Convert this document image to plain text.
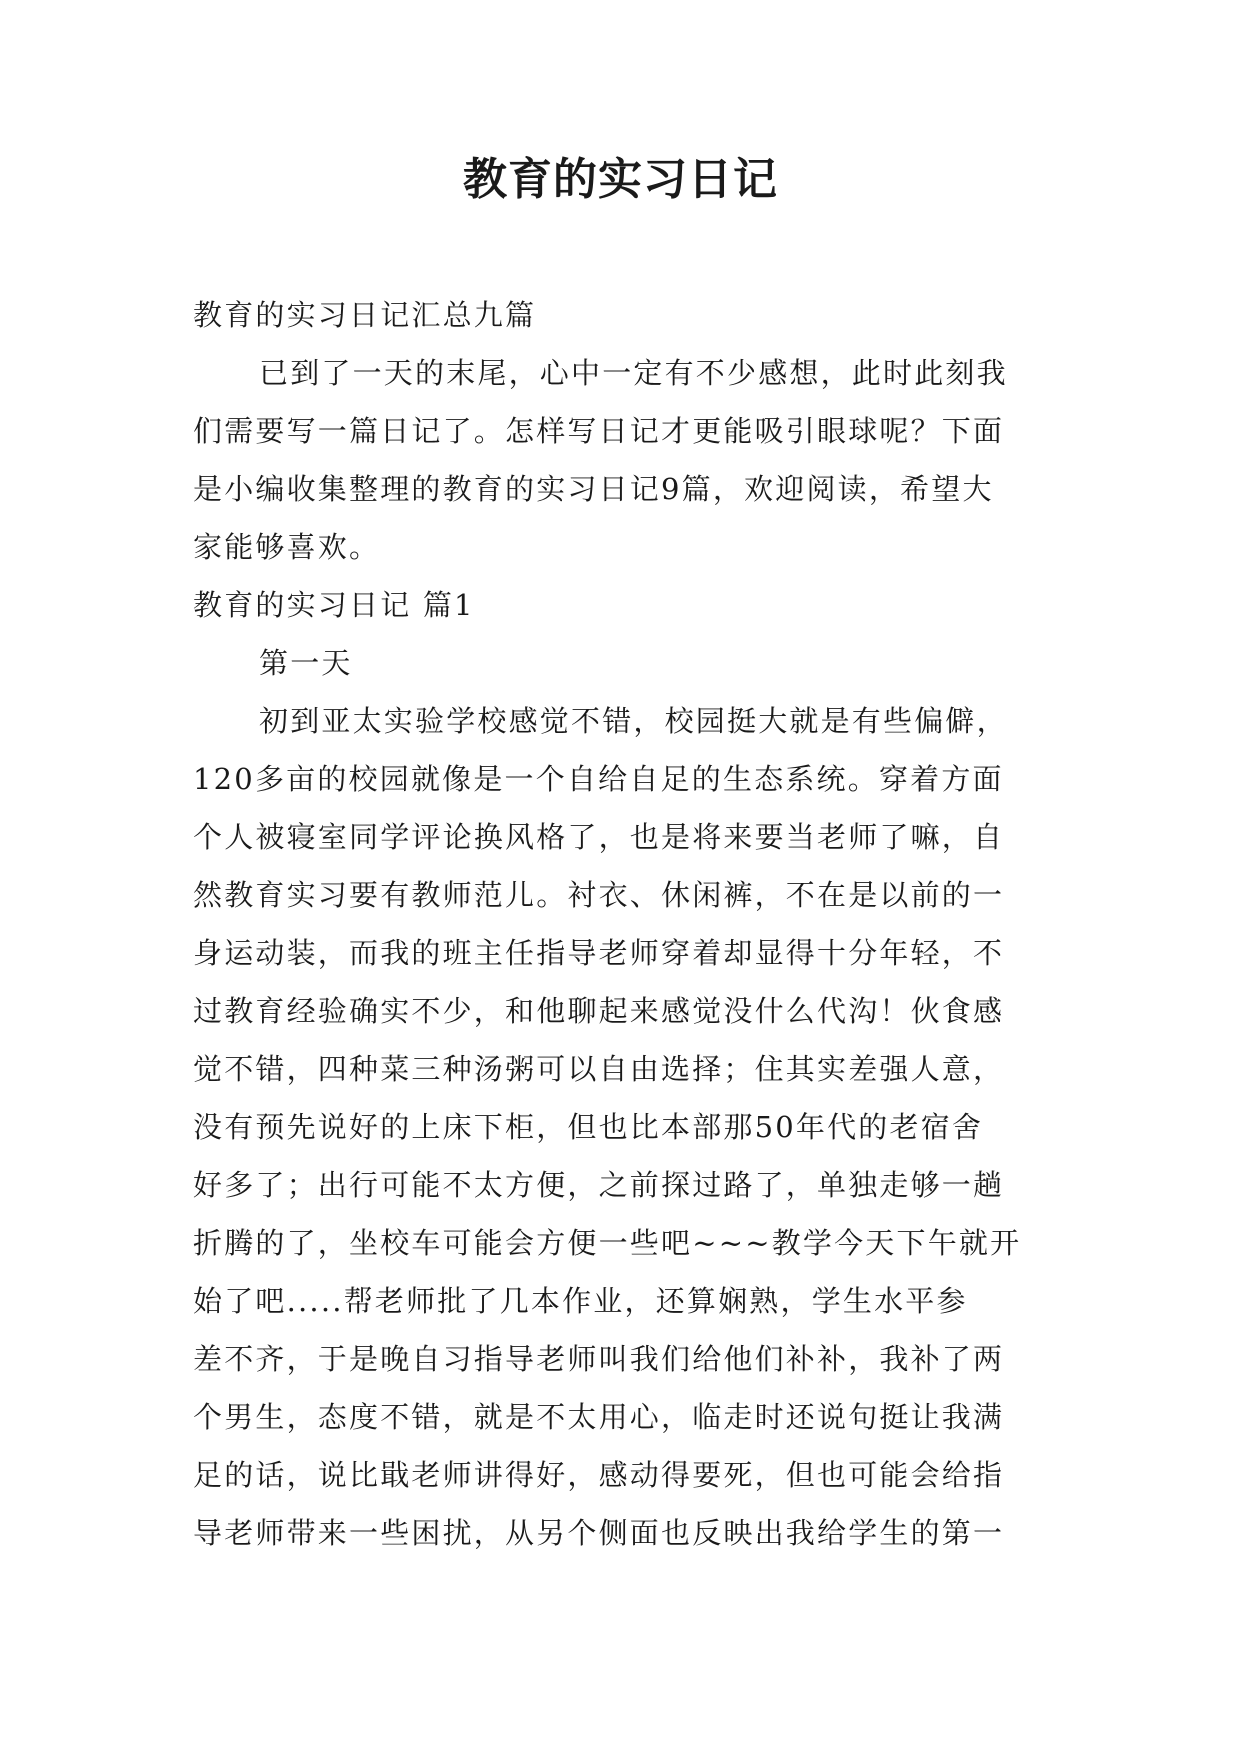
教育的实习日记
教育的实习日记汇总九篇
已到了一天的末尾，心中一定有不少感想，此时此刻我
们需要写一篇日记了。怎样写日记才更能吸引眼球呢？下面
是小编收集整理的教育的实习日记9篇，欢迎阅读，希望大
家能够喜欢。
教育的实习日记 篇1
第一天
初到亚太实验学校感觉不错，校园挺大就是有些偏僻，
120多亩的校园就像是一个自给自足的生态系统。穿着方面
个人被寝室同学评论换风格了，也是将来要当老师了嘛，自
然教育实习要有教师范儿。衬衣、休闲裤，不在是以前的一
身运动装，而我的班主任指导老师穿着却显得十分年轻，不
过教育经验确实不少，和他聊起来感觉没什么代沟！伙食感
觉不错，四种菜三种汤粥可以自由选择；住其实差强人意，
没有预先说好的上床下柜，但也比本部那50年代的老宿舍
好多了；出行可能不太方便，之前探过路了，单独走够一趟
折腾的了，坐校车可能会方便一些吧~~~教学今天下午就开
始了吧.....帮老师批了几本作业，还算娴熟，学生水平参
差不齐，于是晚自习指导老师叫我们给他们补补，我补了两
个男生，态度不错，就是不太用心，临走时还说句挺让我满
足的话，说比戢老师讲得好，感动得要死，但也可能会给指
导老师带来一些困扰，从另个侧面也反映出我给学生的第一
